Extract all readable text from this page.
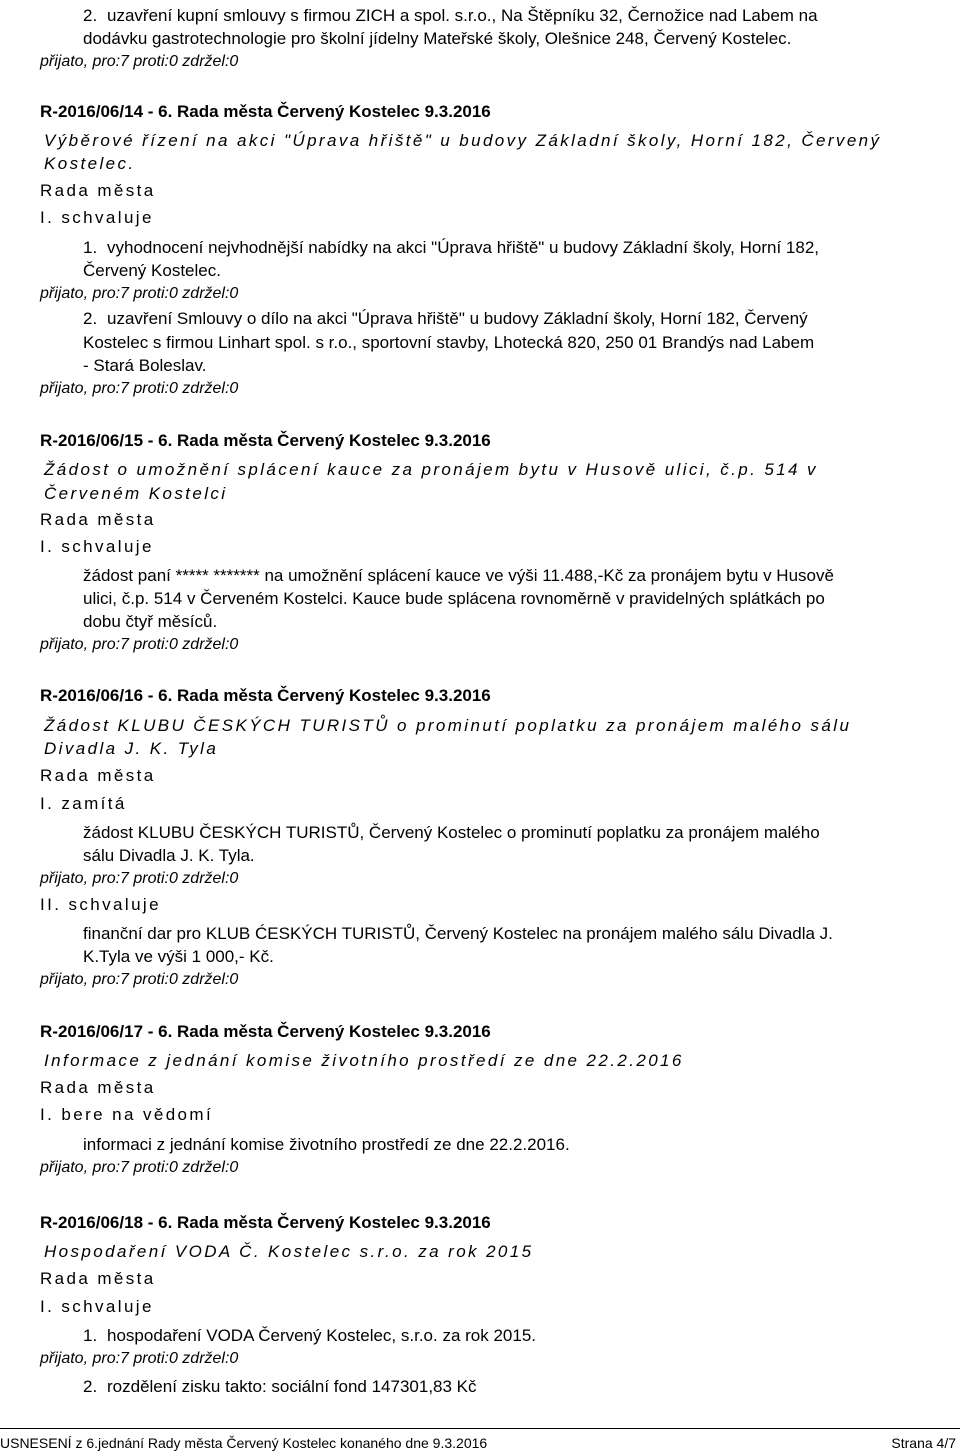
2. uzavření kupní smlouvy s firmou ZICH a spol. s.r.o., Na Štěpníku 32, Černožice nad Labem na
dodávku gastrotechnologie pro školní jídelny Mateřské školy, Olešnice 248, Červený Kostelec.
přijato, pro:7 proti:0 zdržel:0
R-2016/06/14 - 6. Rada města Červený Kostelec 9.3.2016
Výběrové řízení na akci "Úprava hřiště" u budovy Základní školy, Horní 182, Červený
Kostelec.
Rada města
I. schvaluje
1. vyhodnocení nejvhodnější nabídky na akci "Úprava hřiště" u budovy Základní školy, Horní 182,
Červený Kostelec.
přijato, pro:7 proti:0 zdržel:0
2. uzavření Smlouvy o dílo na akci "Úprava hřiště" u budovy Základní školy, Horní 182, Červený
Kostelec s firmou Linhart spol. s r.o., sportovní stavby, Lhotecká 820, 250 01 Brandýs nad Labem
- Stará Boleslav.
přijato, pro:7 proti:0 zdržel:0
R-2016/06/15 - 6. Rada města Červený Kostelec 9.3.2016
Žádost o umožnění splácení kauce za pronájem bytu v Husově ulici, č.p. 514 v
Červeném Kostelci
Rada města
I. schvaluje
žádost paní ***** ******* na umožnění splácení kauce ve výši 11.488,-Kč za pronájem bytu v Husově
ulici, č.p. 514 v Červeném Kostelci. Kauce bude splácena rovnoměrně v pravidelných splátkách po
dobu čtyř měsíců.
přijato, pro:7 proti:0 zdržel:0
R-2016/06/16 - 6. Rada města Červený Kostelec 9.3.2016
Žádost KLUBU ČESKÝCH TURISTŮ o prominutí poplatku za pronájem malého sálu
Divadla J. K. Tyla
Rada města
I. zamítá
žádost KLUBU ČESKÝCH TURISTŮ, Červený Kostelec o prominutí poplatku za pronájem malého
sálu Divadla J. K. Tyla.
přijato, pro:7 proti:0 zdržel:0
II. schvaluje
finanční dar pro KLUB ĆESKÝCH TURISTŮ, Červený Kostelec na pronájem malého sálu Divadla J.
K.Tyla ve výši 1 000,- Kč.
přijato, pro:7 proti:0 zdržel:0
R-2016/06/17 - 6. Rada města Červený Kostelec 9.3.2016
Informace z jednání komise životního prostředí ze dne 22.2.2016
Rada města
I. bere na vědomí
informaci z jednání komise životního prostředí ze dne 22.2.2016.
přijato, pro:7 proti:0 zdržel:0
R-2016/06/18 - 6. Rada města Červený Kostelec 9.3.2016
Hospodaření VODA Č. Kostelec s.r.o. za rok 2015
Rada města
I. schvaluje
1. hospodaření VODA Červený Kostelec, s.r.o. za rok 2015.
přijato, pro:7 proti:0 zdržel:0
2. rozdělení zisku takto: sociální fond 147301,83 Kč
USNESENÍ z 6.jednání Rady města Červený Kostelec konaného dne 9.3.2016	Strana 4/7
